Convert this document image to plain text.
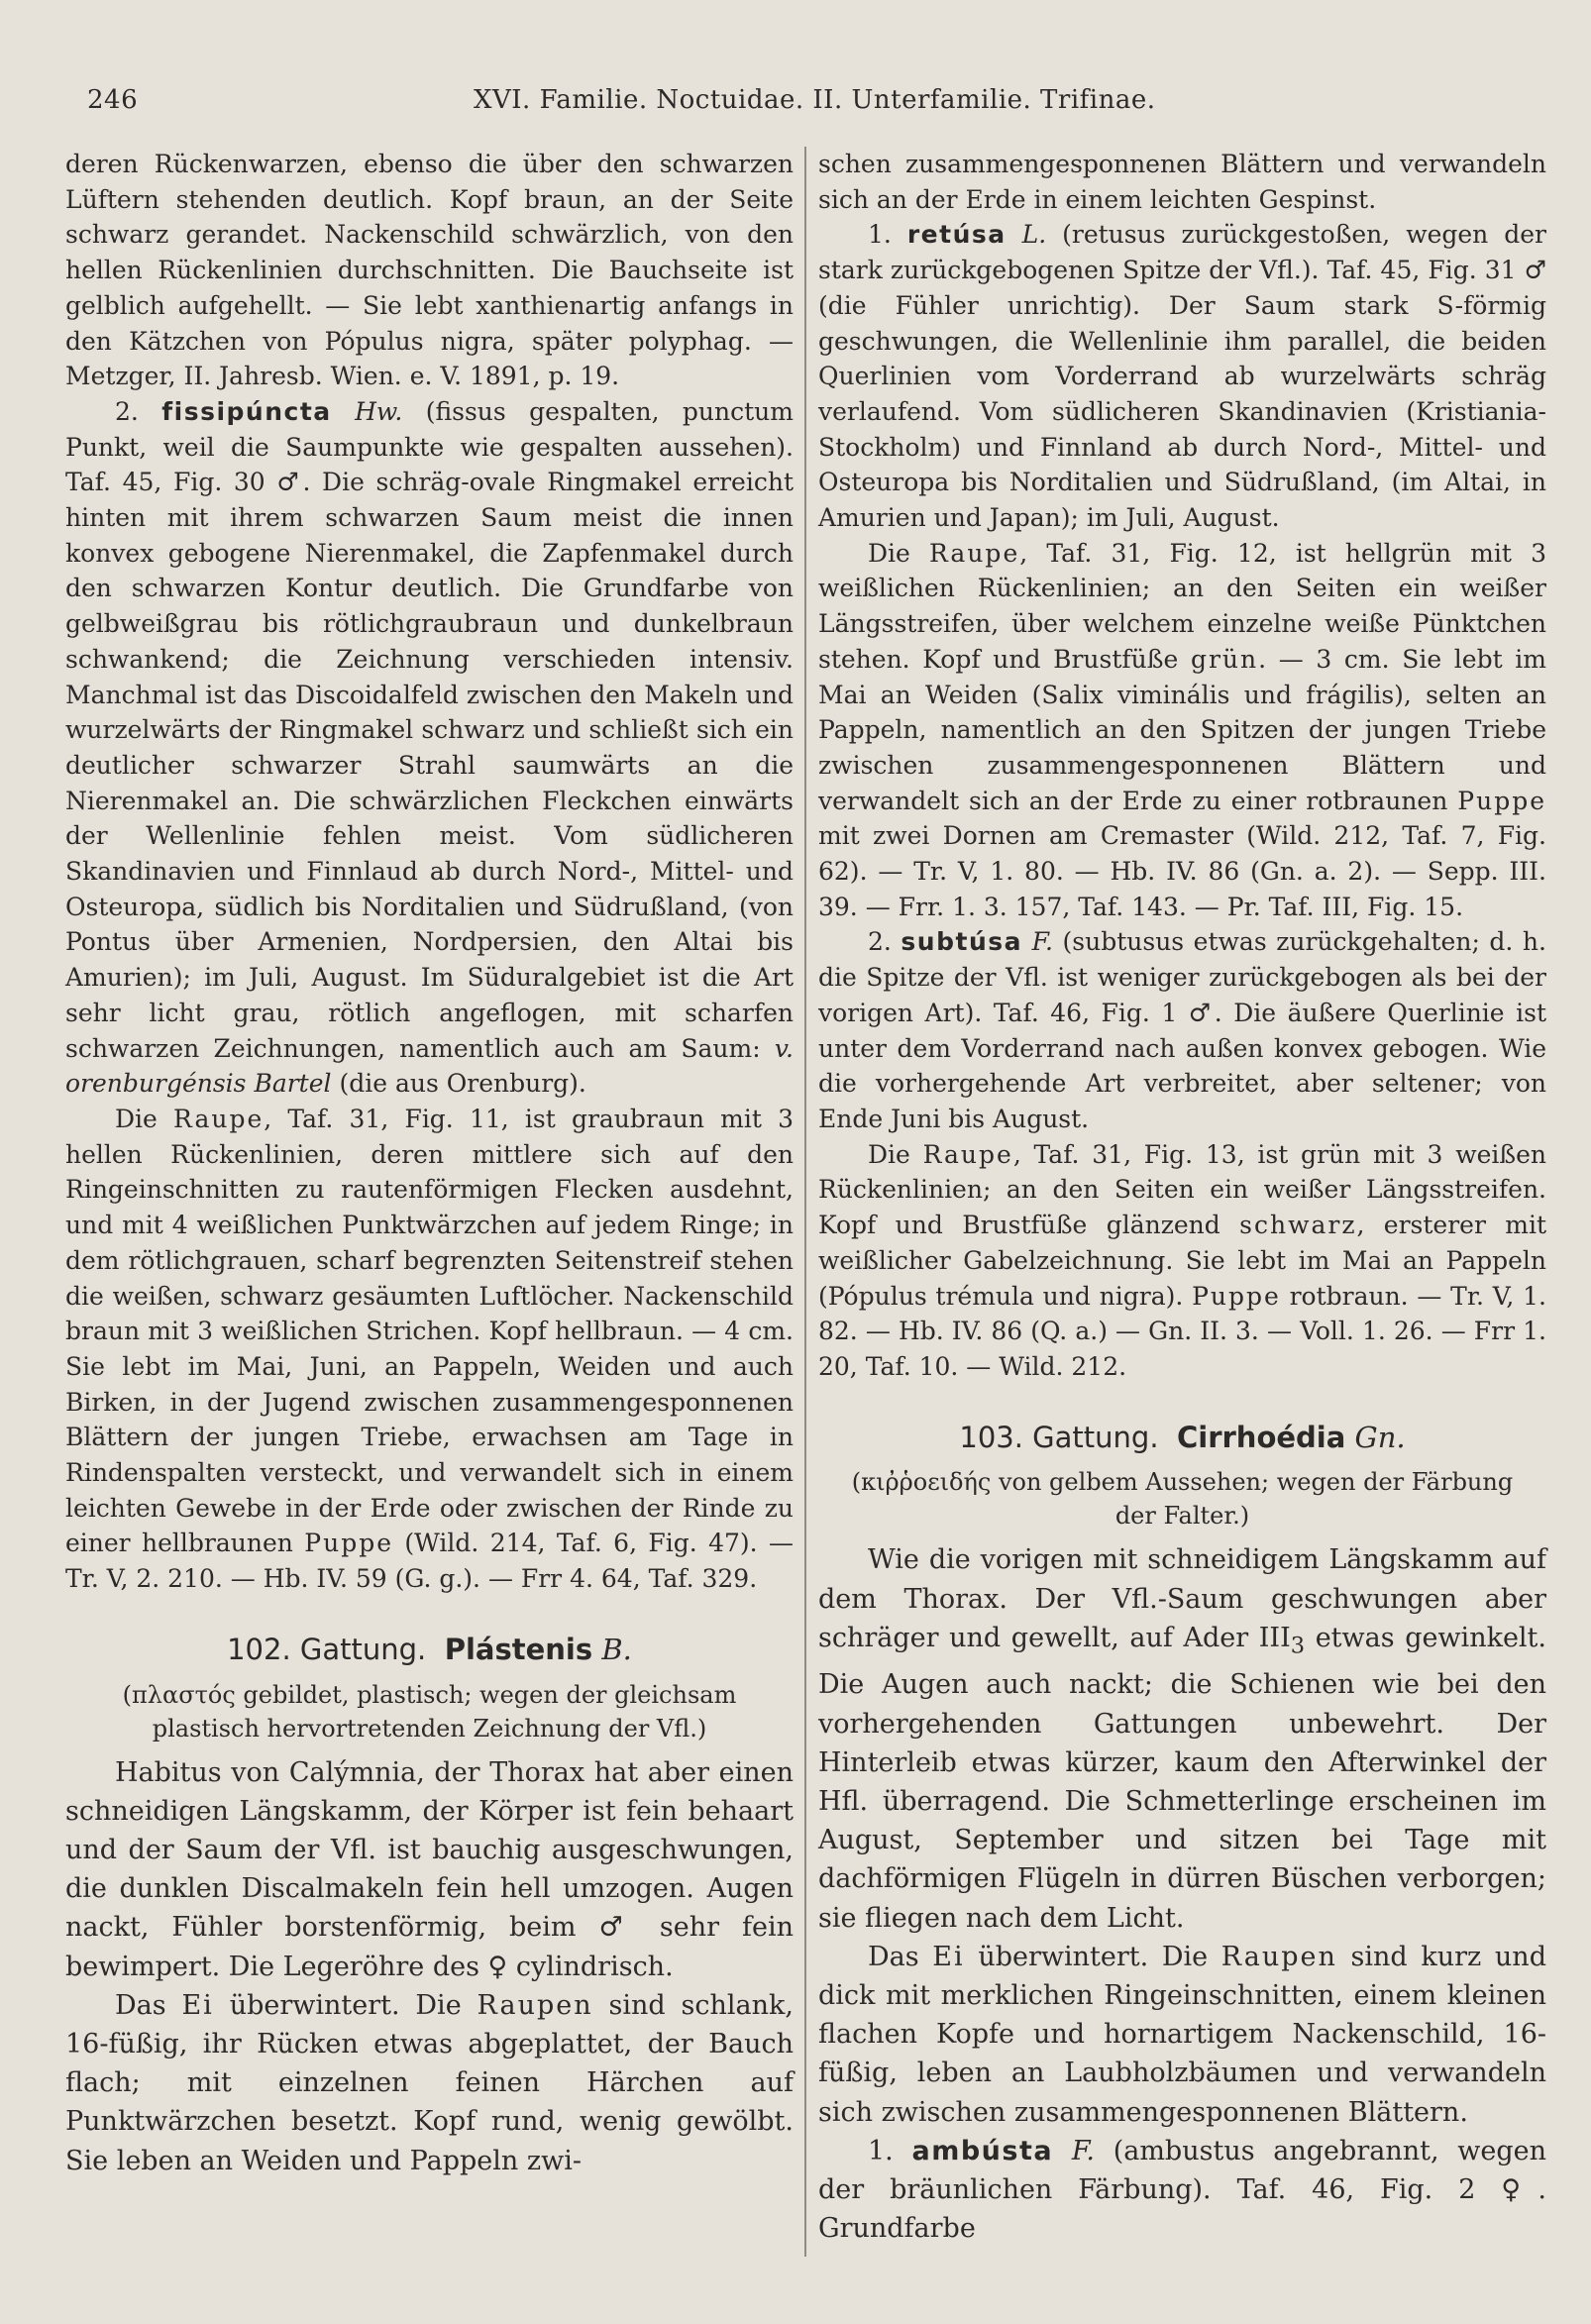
246	XVI. Familie. Noctuidae. II. Unterfamilie. Trifinae.

deren Rückenwarzen, ebenso die über den schwarzen Lüftern stehenden deutlich. Kopf braun, an der Seite schwarz gerandet. Nackenschild schwärzlich, von den hellen Rückenlinien durchschnitten. Die Bauchseite ist gelblich aufgehellt. — Sie lebt xanthienartig anfangs in den Kätzchen von Pópulus nigra, später polyphag. — Metzger, II. Jahresb. Wien. e. V. 1891, p. 19.

2. fissipúncta Hw. (fissus gespalten, punctum Punkt, weil die Saumpunkte wie gespalten aussehen). Taf. 45, Fig. 30 ♂. Die schräg-ovale Ringmakel erreicht hinten mit ihrem schwarzen Saum meist die innen konvex gebogene Nierenmakel, die Zapfenmakel durch den schwarzen Kontur deutlich. Die Grundfarbe von gelbweißgrau bis rötlichgraubraun und dunkelbraun schwankend; die Zeichnung verschieden intensiv. Manchmal ist das Discoidalfeld zwischen den Makeln und wurzelwärts der Ringmakel schwarz und schließt sich ein deutlicher schwarzer Strahl saumwärts an die Nierenmakel an. Die schwärzlichen Fleckchen einwärts der Wellenlinie fehlen meist. Vom südlicheren Skandinavien und Finnlaud ab durch Nord-, Mittel- und Osteuropa, südlich bis Norditalien und Südrußland, (von Pontus über Armenien, Nordpersien, den Altai bis Amurien); im Juli, August. Im Süduralgebiet ist die Art sehr licht grau, rötlich angeflogen, mit scharfen schwarzen Zeichnungen, namentlich auch am Saum: v. orenburgénsis Bartel (die aus Orenburg).

Die Raupe, Taf. 31, Fig. 11, ist graubraun mit 3 hellen Rückenlinien, deren mittlere sich auf den Ringeinschnitten zu rautenförmigen Flecken ausdehnt, und mit 4 weißlichen Punktwärzchen auf jedem Ringe; in dem rötlichgrauen, scharf begrenzten Seitenstreif stehen die weißen, schwarz gesäumten Luftlöcher. Nackenschild braun mit 3 weißlichen Strichen. Kopf hellbraun. — 4 cm. Sie lebt im Mai, Juni, an Pappeln, Weiden und auch Birken, in der Jugend zwischen zusammengesponnenen Blättern der jungen Triebe, erwachsen am Tage in Rindenspalten versteckt, und verwandelt sich in einem leichten Gewebe in der Erde oder zwischen der Rinde zu einer hellbraunen Puppe (Wild. 214, Taf. 6, Fig. 47). — Tr. V, 2. 210. — Hb. IV. 59 (G. g.). — Frr 4. 64, Taf. 329.

102. Gattung. Plástenis B.

(πλαστός gebildet, plastisch; wegen der gleichsam plastisch hervortretenden Zeichnung der Vfl.)

Habitus von Calýmnia, der Thorax hat aber einen schneidigen Längskamm, der Körper ist fein behaart und der Saum der Vfl. ist bauchig ausgeschwungen, die dunklen Discalmakeln fein hell umzogen. Augen nackt, Fühler borstenförmig, beim ♂ sehr fein bewimpert. Die Legeröhre des ♀ cylindrisch.

Das Ei überwintert. Die Raupen sind schlank, 16-füßig, ihr Rücken etwas abgeplattet, der Bauch flach; mit einzelnen feinen Härchen auf Punktwärzchen besetzt. Kopf rund, wenig gewölbt. Sie leben an Weiden und Pappeln zwi-

schen zusammengesponnenen Blättern und verwandeln sich an der Erde in einem leichten Gespinst.

1. retúsa L. (retusus zurückgestoßen, wegen der stark zurückgebogenen Spitze der Vfl.). Taf. 45, Fig. 31 ♂ (die Fühler unrichtig). Der Saum stark S-förmig geschwungen, die Wellenlinie ihm parallel, die beiden Querlinien vom Vorderrand ab wurzelwärts schräg verlaufend. Vom südlicheren Skandinavien (Kristiania-Stockholm) und Finnland ab durch Nord-, Mittel- und Osteuropa bis Norditalien und Südrußland, (im Altai, in Amurien und Japan); im Juli, August.

Die Raupe, Taf. 31, Fig. 12, ist hellgrün mit 3 weißlichen Rückenlinien; an den Seiten ein weißer Längsstreifen, über welchem einzelne weiße Pünktchen stehen. Kopf und Brustfüße grün. — 3 cm. Sie lebt im Mai an Weiden (Salix viminális und frágilis), selten an Pappeln, namentlich an den Spitzen der jungen Triebe zwischen zusammengesponnenen Blättern und verwandelt sich an der Erde zu einer rotbraunen Puppe mit zwei Dornen am Cremaster (Wild. 212, Taf. 7, Fig. 62). — Tr. V, 1. 80. — Hb. IV. 86 (Gn. a. 2). — Sepp. III. 39. — Frr. 1. 3. 157, Taf. 143. — Pr. Taf. III, Fig. 15.

2. subtúsa F. (subtusus etwas zurückgehalten; d. h. die Spitze der Vfl. ist weniger zurückgebogen als bei der vorigen Art). Taf. 46, Fig. 1 ♂. Die äußere Querlinie ist unter dem Vorderrand nach außen konvex gebogen. Wie die vorhergehende Art verbreitet, aber seltener; von Ende Juni bis August.

Die Raupe, Taf. 31, Fig. 13, ist grün mit 3 weißen Rückenlinien; an den Seiten ein weißer Längsstreifen. Kopf und Brustfüße glänzend schwarz, ersterer mit weißlicher Gabelzeichnung. Sie lebt im Mai an Pappeln (Pópulus trémula und nigra). Puppe rotbraun. — Tr. V, 1. 82. — Hb. IV. 86 (Q. a.) — Gn. II. 3. — Voll. 1. 26. — Frr 1. 20, Taf. 10. — Wild. 212.

103. Gattung. Cirrhoédia Gn.

(κιῤῥοειδής von gelbem Aussehen; wegen der Färbung der Falter.)

Wie die vorigen mit schneidigem Längskamm auf dem Thorax. Der Vfl.-Saum geschwungen aber schräger und gewellt, auf Ader $III_3$ etwas gewinkelt. Die Augen auch nackt; die Schienen wie bei den vorhergehenden Gattungen unbewehrt. Der Hinterleib etwas kürzer, kaum den Afterwinkel der Hfl. überragend. Die Schmetterlinge erscheinen im August, September und sitzen bei Tage mit dachförmigen Flügeln in dürren Büschen verborgen; sie fliegen nach dem Licht.

Das Ei überwintert. Die Raupen sind kurz und dick mit merklichen Ringeinschnitten, einem kleinen flachen Kopfe und hornartigem Nackenschild, 16-füßig, leben an Laubholzbäumen und verwandeln sich zwischen zusammengesponnenen Blättern.

1. ambústa F. (ambustus angebrannt, wegen der bräunlichen Färbung). Taf. 46, Fig. 2 ♀. Grundfarbe
